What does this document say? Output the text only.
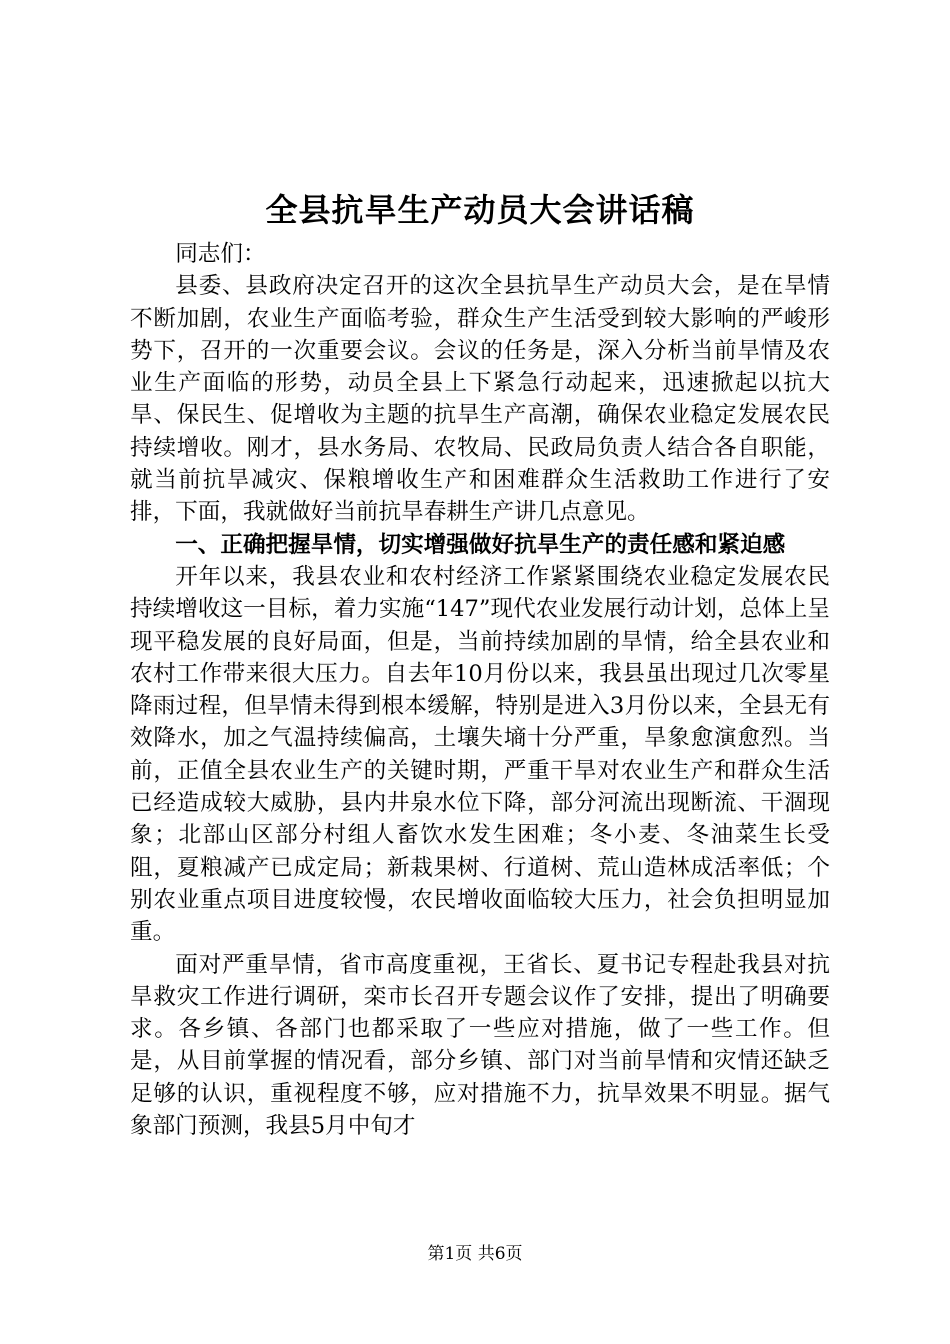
全县抗旱生产动员大会讲话稿

同志们：

县委、县政府决定召开的这次全县抗旱生产动员大会，是在旱情不断加剧，农业生产面临考验，群众生产生活受到较大影响的严峻形势下，召开的一次重要会议。会议的任务是，深入分析当前旱情及农业生产面临的形势，动员全县上下紧急行动起来，迅速掀起以抗大旱、保民生、促增收为主题的抗旱生产高潮，确保农业稳定发展农民持续增收。刚才，县水务局、农牧局、民政局负责人结合各自职能，就当前抗旱减灾、保粮增收生产和困难群众生活救助工作进行了安排，下面，我就做好当前抗旱春耕生产讲几点意见。

一、正确把握旱情，切实增强做好抗旱生产的责任感和紧迫感

开年以来，我县农业和农村经济工作紧紧围绕农业稳定发展农民持续增收这一目标，着力实施“147”现代农业发展行动计划，总体上呈现平稳发展的良好局面，但是，当前持续加剧的旱情，给全县农业和农村工作带来很大压力。自去年10月份以来，我县虽出现过几次零星降雨过程，但旱情未得到根本缓解，特别是进入3月份以来，全县无有效降水，加之气温持续偏高，土壤失墒十分严重，旱象愈演愈烈。当前，正值全县农业生产的关键时期，严重干旱对农业生产和群众生活已经造成较大威胁，县内井泉水位下降，部分河流出现断流、干涸现象；北部山区部分村组人畜饮水发生困难；冬小麦、冬油菜生长受阻，夏粮减产已成定局；新栽果树、行道树、荒山造林成活率低；个别农业重点项目进度较慢，农民增收面临较大压力，社会负担明显加重。

面对严重旱情，省市高度重视，王省长、夏书记专程赴我县对抗旱救灾工作进行调研，栾市长召开专题会议作了安排，提出了明确要求。各乡镇、各部门也都采取了一些应对措施，做了一些工作。但是，从目前掌握的情况看，部分乡镇、部门对当前旱情和灾情还缺乏足够的认识，重视程度不够，应对措施不力，抗旱效果不明显。据气象部门预测，我县5月中旬才

第1页 共6页
